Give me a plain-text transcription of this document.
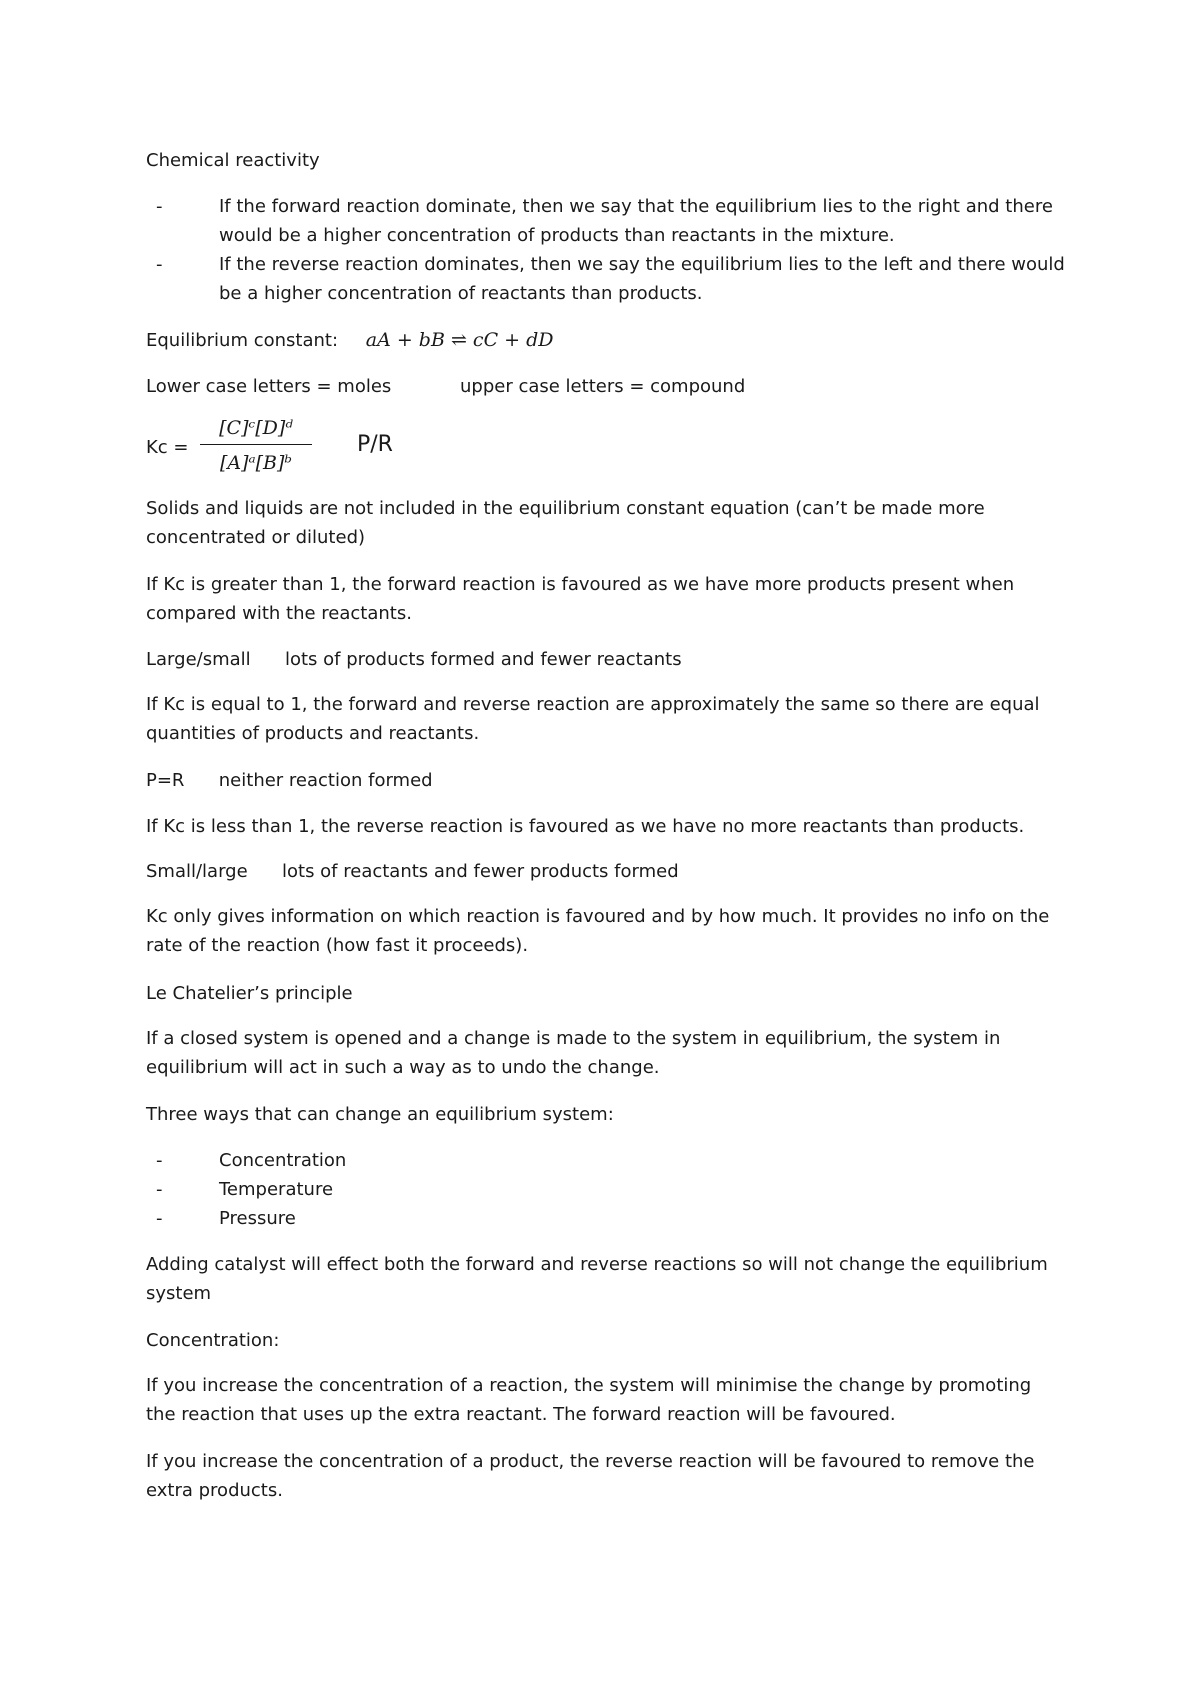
Chemical reactivity

-	If the forward reaction dominate, then we say that the equilibrium lies to the right and there would be a higher concentration of products than reactants in the mixture.
-	If the reverse reaction dominates, then we say the equilibrium lies to the left and there would be a higher concentration of reactants than products.

Equilibrium constant: aA + bB ⇌ cC + dD

Lower case letters = moles	upper case letters = compound

Kc =

[C]ᶜ[D]ᵈ
[A]ᵃ[B]ᵇ
P/R

Solids and liquids are not included in the equilibrium constant equation (can’t be made more concentrated or diluted)

If Kc is greater than 1, the forward reaction is favoured as we have more products present when compared with the reactants.

Large/small      lots of products formed and fewer reactants

If Kc is equal to 1, the forward and reverse reaction are approximately the same so there are equal quantities of products and reactants.

P=R      neither reaction formed

If Kc is less than 1, the reverse reaction is favoured as we have no more reactants than products.

Small/large      lots of reactants and fewer products formed

Kc only gives information on which reaction is favoured and by how much. It provides no info on the rate of the reaction (how fast it proceeds).

Le Chatelier’s principle

If a closed system is opened and a change is made to the system in equilibrium, the system in equilibrium will act in such a way as to undo the change.

Three ways that can change an equilibrium system:

-	Concentration
-	Temperature
-	Pressure

Adding catalyst will effect both the forward and reverse reactions so will not change the equilibrium system

Concentration:

If you increase the concentration of a reaction, the system will minimise the change by promoting the reaction that uses up the extra reactant. The forward reaction will be favoured.

If you increase the concentration of a product, the reverse reaction will be favoured to remove the extra products.
